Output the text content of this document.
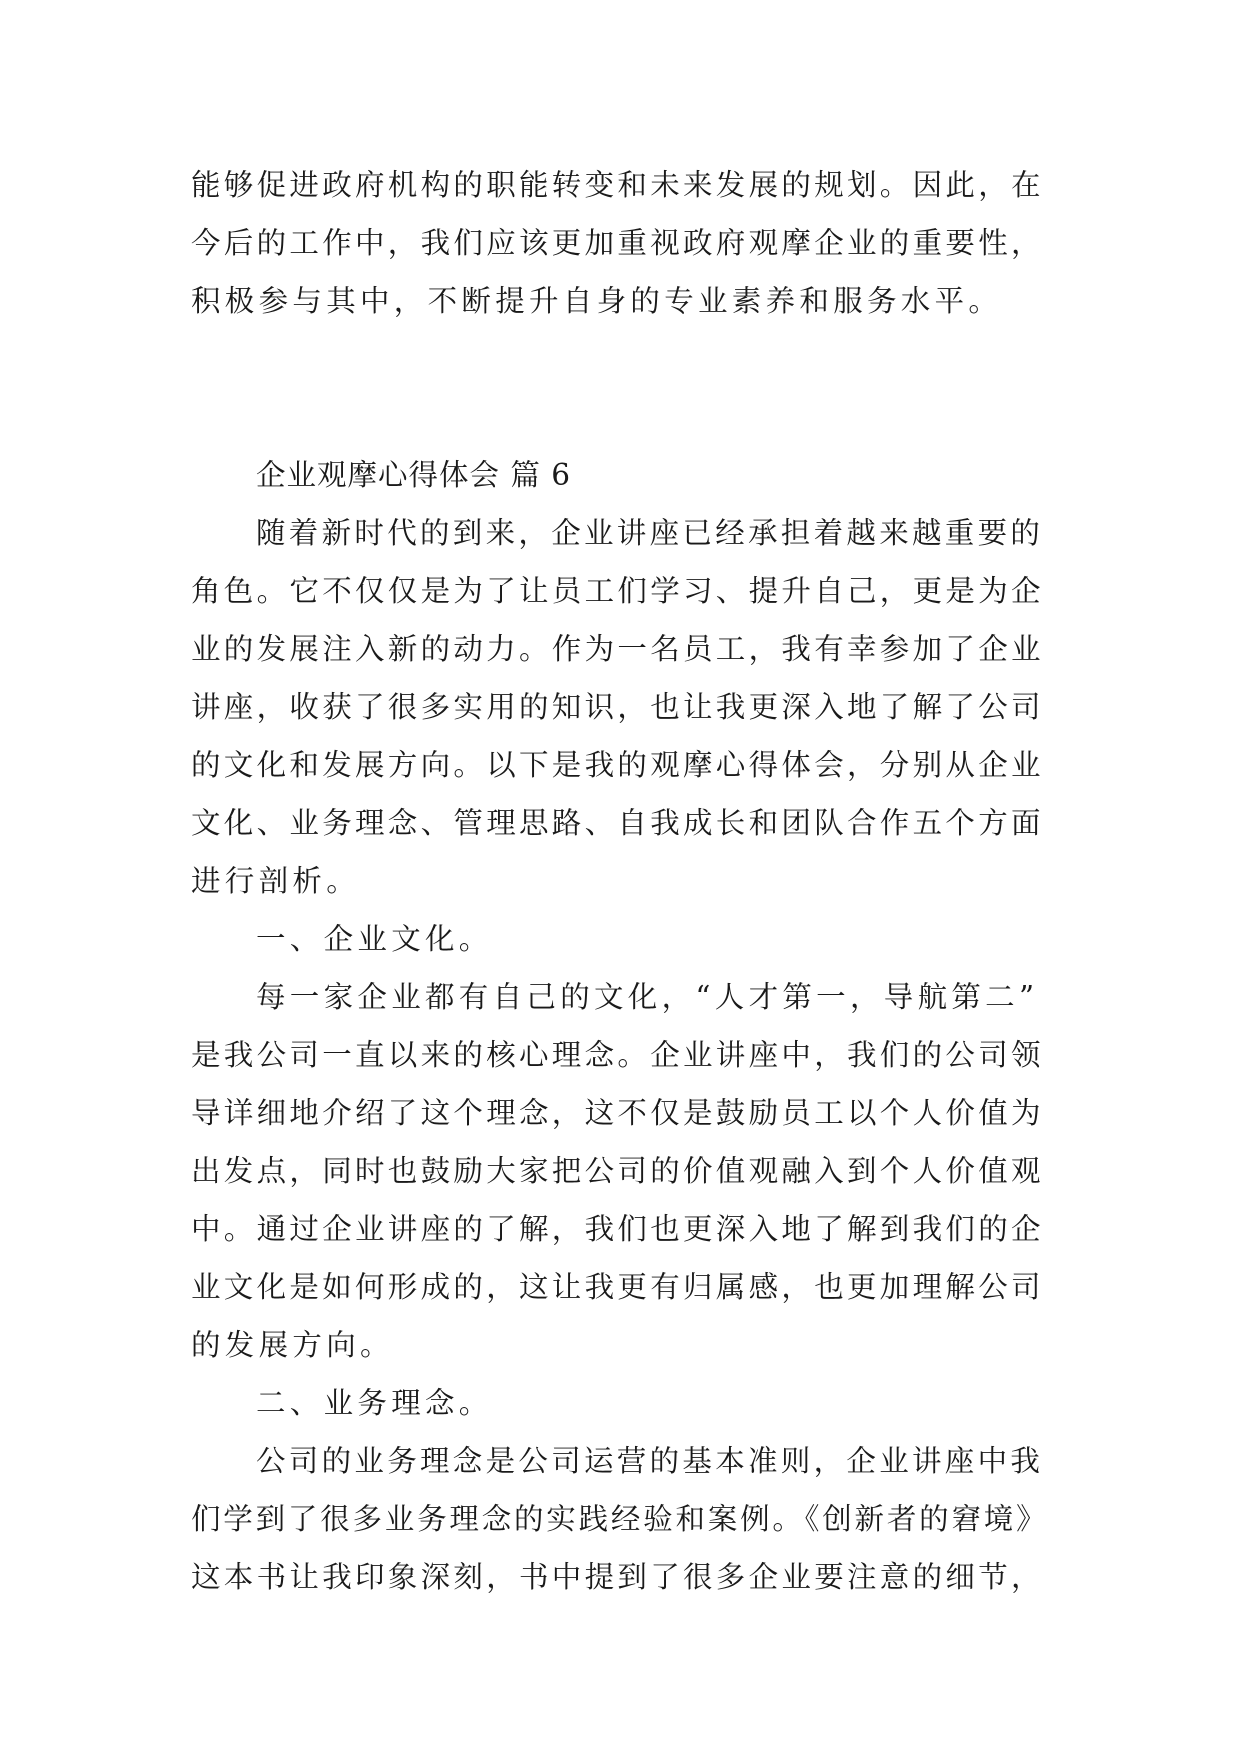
能够促进政府机构的职能转变和未来发展的规划。因此，在
今后的工作中，我们应该更加重视政府观摩企业的重要性，
积极参与其中，不断提升自身的专业素养和服务水平。
企业观摩心得体会 篇 6
随着新时代的到来，企业讲座已经承担着越来越重要的
角色。它不仅仅是为了让员工们学习、提升自己，更是为企
业的发展注入新的动力。作为一名员工，我有幸参加了企业
讲座，收获了很多实用的知识，也让我更深入地了解了公司
的文化和发展方向。以下是我的观摩心得体会，分别从企业
文化、业务理念、管理思路、自我成长和团队合作五个方面
进行剖析。
一、企业文化。
每一家企业都有自己的文化，“人才第一，导航第二”
是我公司一直以来的核心理念。企业讲座中，我们的公司领
导详细地介绍了这个理念，这不仅是鼓励员工以个人价值为
出发点，同时也鼓励大家把公司的价值观融入到个人价值观
中。通过企业讲座的了解，我们也更深入地了解到我们的企
业文化是如何形成的，这让我更有归属感，也更加理解公司
的发展方向。
二、业务理念。
公司的业务理念是公司运营的基本准则，企业讲座中我
们学到了很多业务理念的实践经验和案例。《创新者的窘境》
这本书让我印象深刻，书中提到了很多企业要注意的细节，
